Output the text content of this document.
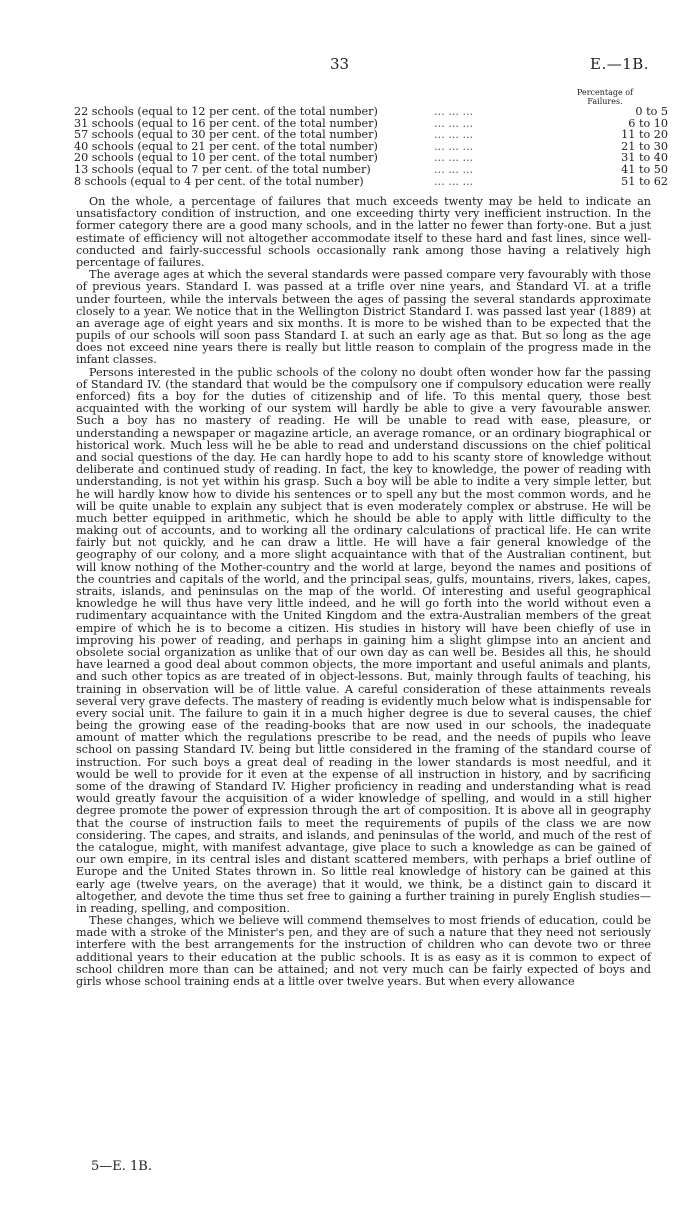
33	E.—1B.
Percentage of Failures.
22 schools (equal to 12 per cent. of the total number)	... ... ...	0 to 5
31 schools (equal to 16 per cent. of the total number)	... ... ...	6 to 10
57 schools (equal to 30 per cent. of the total number)	... ... ...	11 to 20
40 schools (equal to 21 per cent. of the total number)	... ... ...	21 to 30
20 schools (equal to 10 per cent. of the total number)	... ... ...	31 to 40
13 schools (equal to 7 per cent. of the total number)	... ... ...	41 to 50
8 schools (equal to 4 per cent. of the total number)	... ... ...	51 to 62

On the whole, a percentage of failures that much exceeds twenty may be held to indicate an unsatisfactory condition of instruction, and one exceeding thirty very inefficient instruction. In the former category there are a good many schools, and in the latter no fewer than forty-one. But a just estimate of efficiency will not altogether accommodate itself to these hard and fast lines, since well-conducted and fairly-successful schools occasionally rank among those having a relatively high percentage of failures.

The average ages at which the several standards were passed compare very favourably with those of previous years. Standard I. was passed at a trifle over nine years, and Standard VI. at a trifle under fourteen, while the intervals between the ages of passing the several standards approximate closely to a year. We notice that in the Wellington District Standard I. was passed last year (1889) at an average age of eight years and six months. It is more to be wished than to be expected that the pupils of our schools will soon pass Standard I. at such an early age as that. But so long as the age does not exceed nine years there is really but little reason to complain of the progress made in the infant classes.

Persons interested in the public schools of the colony no doubt often wonder how far the passing of Standard IV. (the standard that would be the compulsory one if compulsory education were really enforced) fits a boy for the duties of citizenship and of life. To this mental query, those best acquainted with the working of our system will hardly be able to give a very favourable answer. Such a boy has no mastery of reading. He will be unable to read with ease, pleasure, or understanding a newspaper or magazine article, an average romance, or an ordinary biographical or historical work. Much less will he be able to read and understand discussions on the chief political and social questions of the day. He can hardly hope to add to his scanty store of knowledge without deliberate and continued study of reading. In fact, the key to knowledge, the power of reading with understanding, is not yet within his grasp. Such a boy will be able to indite a very simple letter, but he will hardly know how to divide his sentences or to spell any but the most common words, and he will be quite unable to explain any subject that is even moderately complex or abstruse. He will be much better equipped in arithmetic, which he should be able to apply with little difficulty to the making out of accounts, and to working all the ordinary calculations of practical life. He can write fairly but not quickly, and he can draw a little. He will have a fair general knowledge of the geography of our colony, and a more slight acquaintance with that of the Australian continent, but will know nothing of the Mother-country and the world at large, beyond the names and positions of the countries and capitals of the world, and the principal seas, gulfs, mountains, rivers, lakes, capes, straits, islands, and peninsulas on the map of the world. Of interesting and useful geographical knowledge he will thus have very little indeed, and he will go forth into the world without even a rudimentary acquaintance with the United Kingdom and the extra-Australian members of the great empire of which he is to become a citizen. His studies in history will have been chiefly of use in improving his power of reading, and perhaps in gaining him a slight glimpse into an ancient and obsolete social organization as unlike that of our own day as can well be. Besides all this, he should have learned a good deal about common objects, the more important and useful animals and plants, and such other topics as are treated of in object-lessons. But, mainly through faults of teaching, his training in observation will be of little value. A careful consideration of these attainments reveals several very grave defects. The mastery of reading is evidently much below what is indispensable for every social unit. The failure to gain it in a much higher degree is due to several causes, the chief being the growing ease of the reading-books that are now used in our schools, the inadequate amount of matter which the regulations prescribe to be read, and the needs of pupils who leave school on passing Standard IV. being but little considered in the framing of the standard course of instruction. For such boys a great deal of reading in the lower standards is most needful, and it would be well to provide for it even at the expense of all instruction in history, and by sacrificing some of the drawing of Standard IV. Higher proficiency in reading and understanding what is read would greatly favour the acquisition of a wider knowledge of spelling, and would in a still higher degree promote the power of expression through the art of composition. It is above all in geography that the course of instruction fails to meet the requirements of pupils of the class we are now considering. The capes, and straits, and islands, and peninsulas of the world, and much of the rest of the catalogue, might, with manifest advantage, give place to such a knowledge as can be gained of our own empire, in its central isles and distant scattered members, with perhaps a brief outline of Europe and the United States thrown in. So little real knowledge of history can be gained at this early age (twelve years, on the average) that it would, we think, be a distinct gain to discard it altogether, and devote the time thus set free to gaining a further training in purely English studies—in reading, spelling, and composition.

These changes, which we believe will commend themselves to most friends of education, could be made with a stroke of the Minister's pen, and they are of such a nature that they need not seriously interfere with the best arrangements for the instruction of children who can devote two or three additional years to their education at the public schools. It is as easy as it is common to expect of school children more than can be attained; and not very much can be fairly expected of boys and girls whose school training ends at a little over twelve years. But when every allowance

5—E. 1B.
